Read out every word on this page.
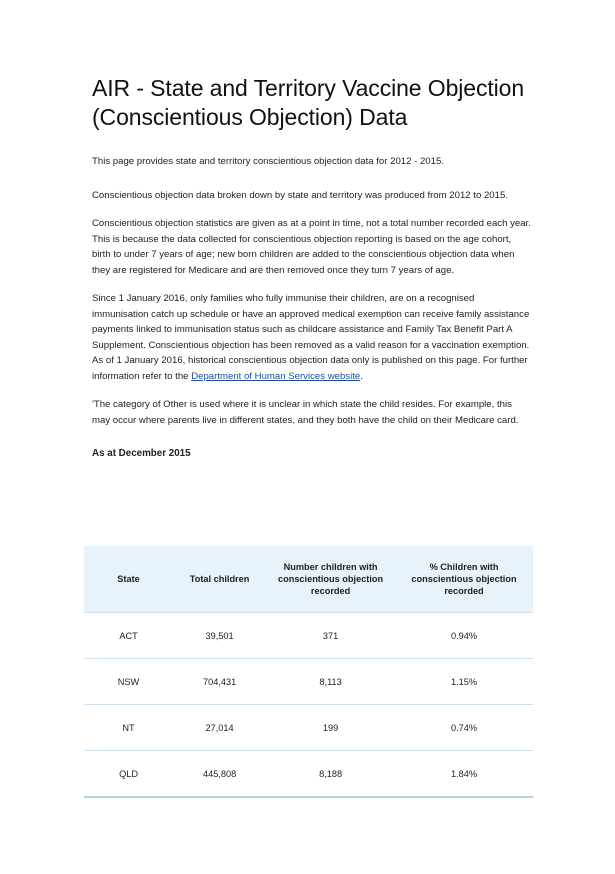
AIR - State and Territory Vaccine Objection (Conscientious Objection) Data

This page provides state and territory conscientious objection data for 2012 - 2015.

Conscientious objection data broken down by state and territory was produced from 2012 to 2015.

Conscientious objection statistics are given as at a point in time, not a total number recorded each year. This is because the data collected for conscientious objection reporting is based on the age cohort, birth to under 7 years of age; new born children are added to the conscientious objection data when they are registered for Medicare and are then removed once they turn 7 years of age.

Since 1 January 2016, only families who fully immunise their children, are on a recognised immunisation catch up schedule or have an approved medical exemption can receive family assistance payments linked to immunisation status such as childcare assistance and Family Tax Benefit Part A Supplement. Conscientious objection has been removed as a valid reason for a vaccination exemption. As of 1 January 2016, historical conscientious objection data only is published on this page. For further information refer to the Department of Human Services website.

'The category of Other is used where it is unclear in which state the child resides. For example, this may occur where parents live in different states, and they both have the child on their Medicare card.

As at December 2015
State	Total children	Number children with conscientious objection recorded	% Children with conscientious objection recorded
ACT	39,501	371	0.94%
NSW	704,431	8,113	1.15%
NT	27,014	199	0.74%
QLD	445,808	8,188	1.84%
